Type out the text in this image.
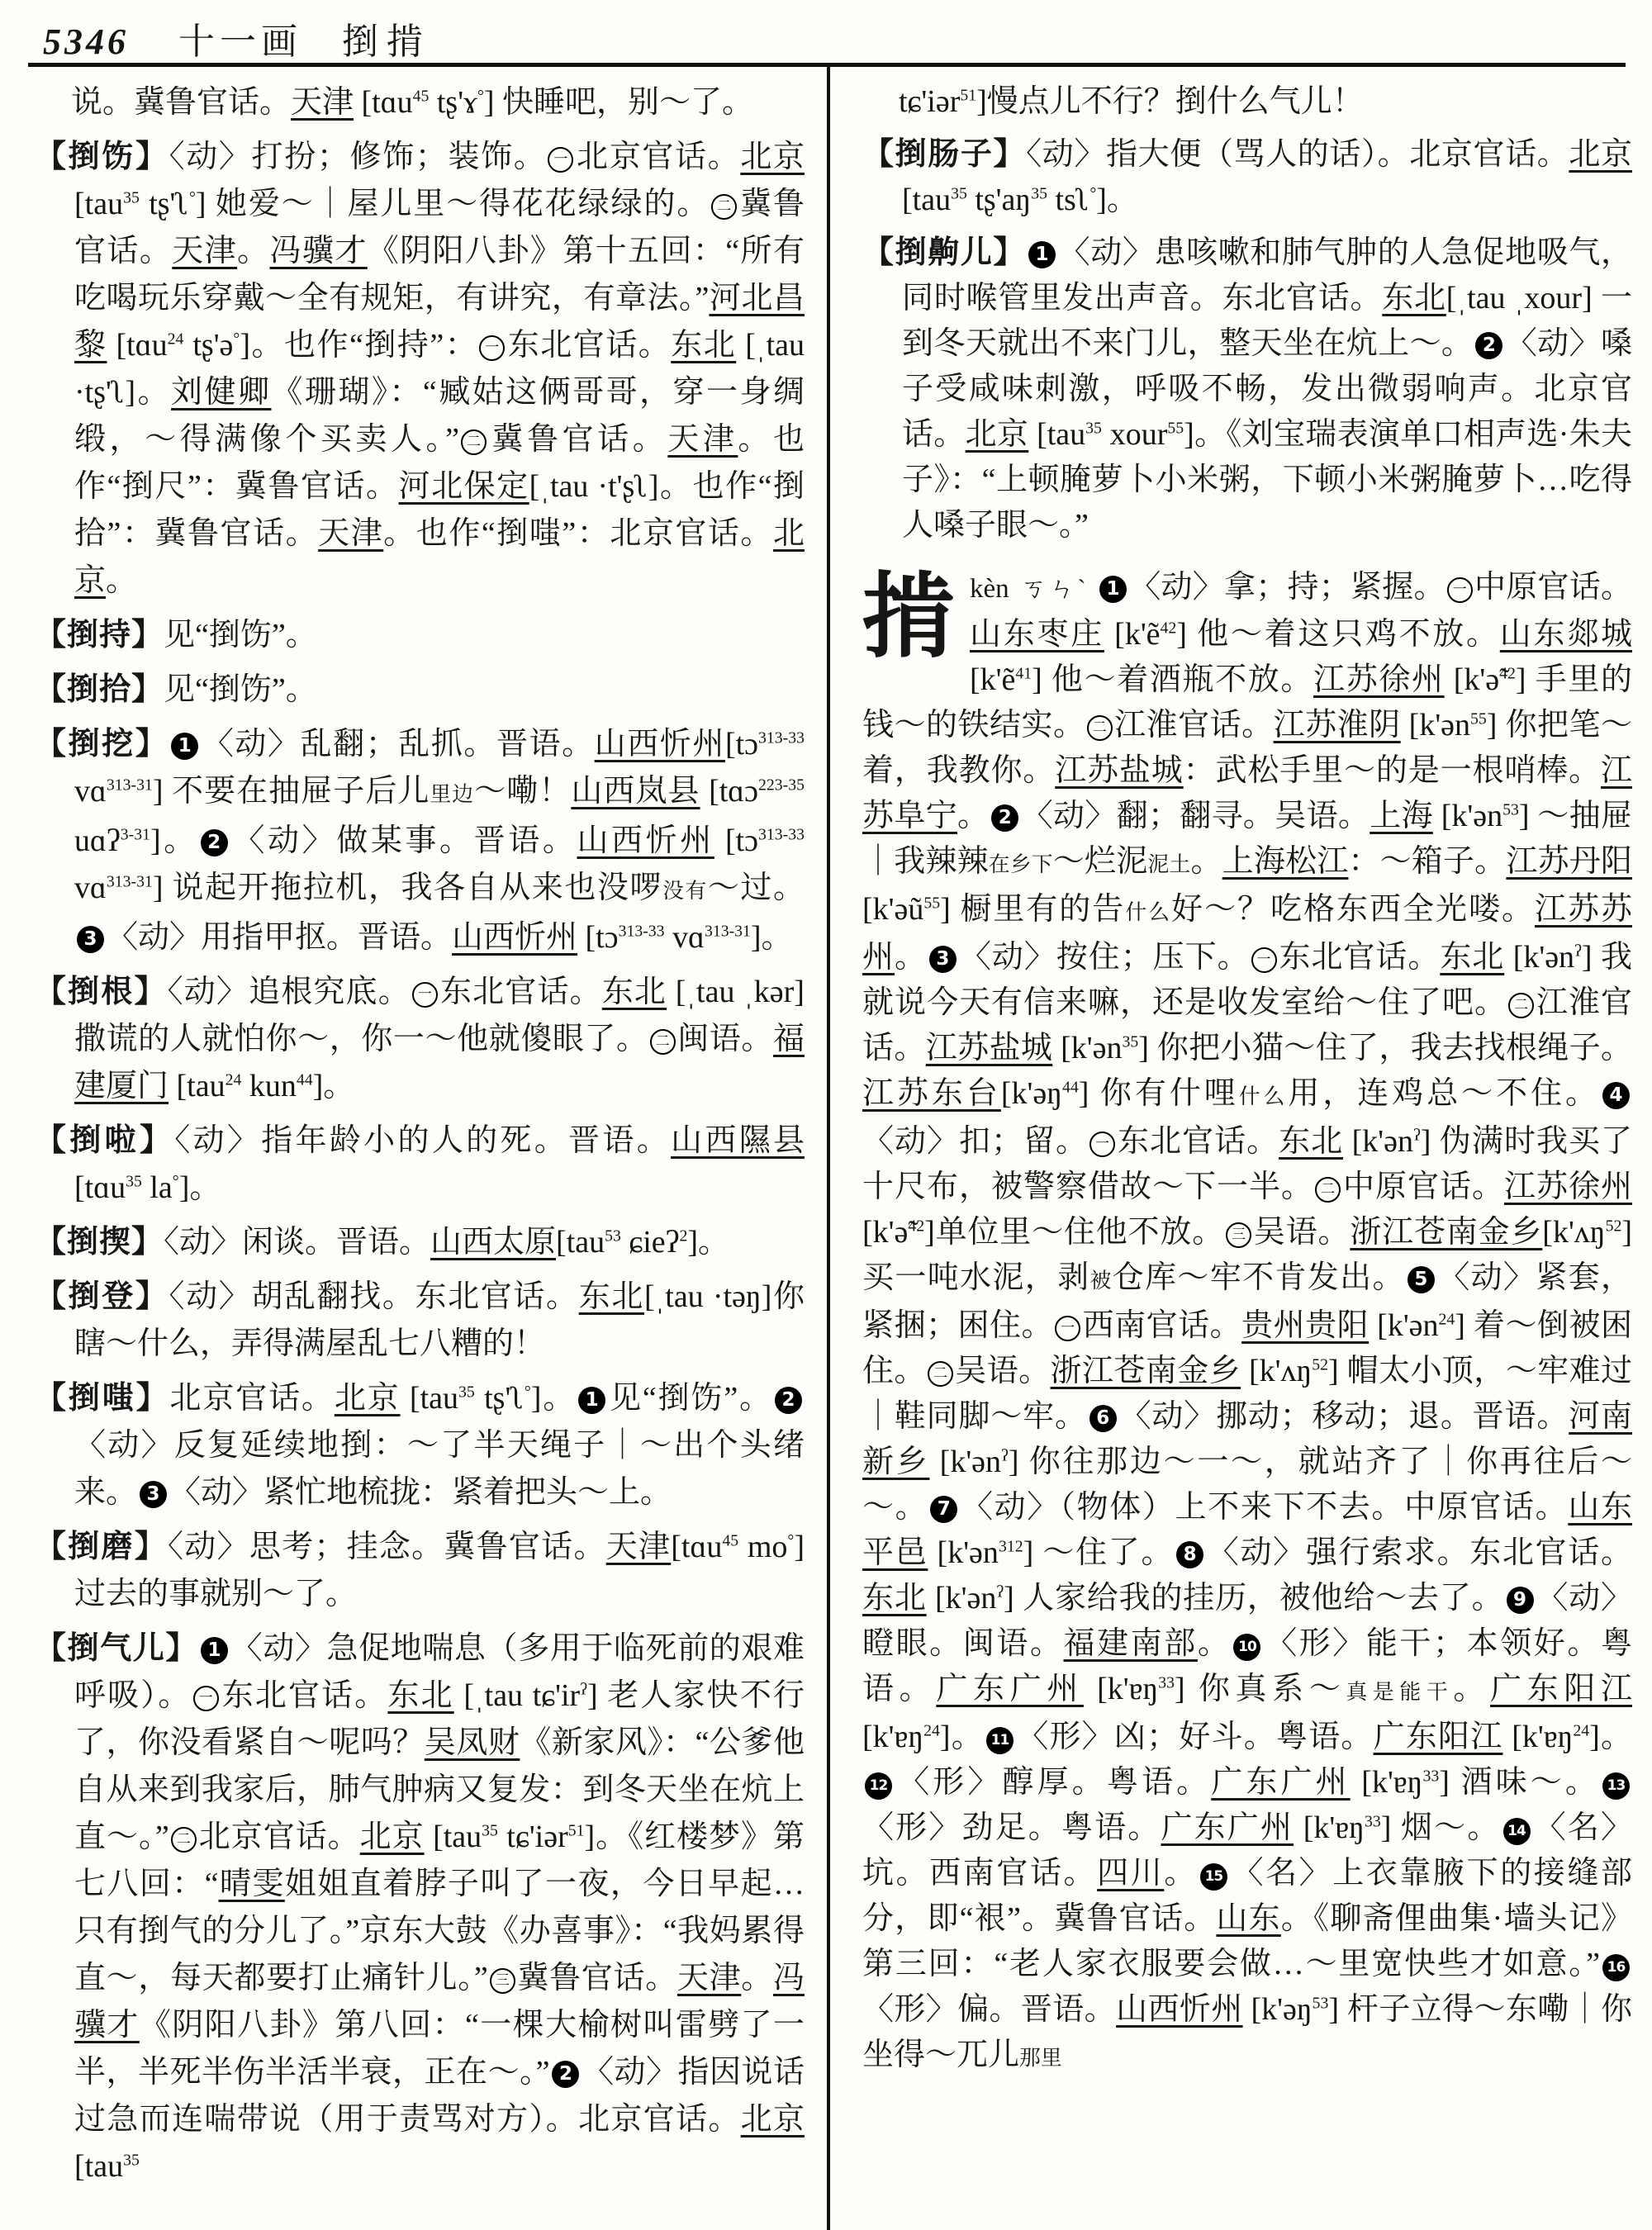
5346 十一画 捯掯

说。冀鲁官话。天津 [tɑu$^{45}$ tʂ'ɤ°] 快睡吧，别～了。

【捯饬】〈动〉打扮；修饰；装饰。 一 北京官话。北京 [tau$^{35}$ tʂ'ʅ°] 她爱～｜屋儿里～得花花绿绿的。 二 冀鲁官话。天津。冯骥才《阴阳八卦》第十五回：“所有吃喝玩乐穿戴～全有规矩，有讲究，有章法。”河北昌黎 [tɑu$^{24}$ tʂ'ə°]。也作“捯持”： 一 东北官话。东北 [ˌtau ·tʂ'ʅ]。刘健卿《珊瑚》：“臧姑这俩哥哥，穿一身绸缎，～得满像个买卖人。” 二 冀鲁官话。天津。也作“捯尺”：冀鲁官话。河北保定[ˌtau ·t'ʂʅ]。也作“捯拾”：冀鲁官话。天津。也作“捯嗤”：北京官话。北京。

【捯持】见“捯饬”。

【捯拾】见“捯饬”。

【捯挖】 1 〈动〉乱翻；乱抓。晋语。山西忻州[tɔ$^{313-33}$ vɑ$^{313-31}$] 不要在抽屉子后儿里边～嘞！山西岚县 [tɑɔ$^{223-35}$ uɑʔ$^{3-31}$]。 2 〈动〉做某事。晋语。山西忻州 [tɔ$^{313-33}$ vɑ$^{313-31}$] 说起开拖拉机，我各自从来也没啰没有～过。3 〈动〉用指甲抠。晋语。山西忻州 [tɔ$^{313-33}$ vɑ$^{313-31}$]。

【捯根】〈动〉追根究底。 一 东北官话。东北 [ˌtau ˌkər] 撒谎的人就怕你～，你一～他就傻眼了。 二 闽语。福建厦门 [tau$^{24}$ kun$^{44}$]。

【捯啦】〈动〉指年龄小的人的死。晋语。山西隰县 [tɑu$^{35}$ la°]。

【捯揳】〈动〉闲谈。晋语。山西太原[tau$^{53}$ ɕieʔ$^2$]。

【捯登】〈动〉胡乱翻找。东北官话。东北[ˌtau ·təŋ]你瞎～什么，弄得满屋乱七八糟的！

【捯嗤】北京官话。北京 [tau$^{35}$ tʂ'ʅ°]。 1 见“捯饬”。 2〈动〉反复延续地捯：～了半天绳子｜～出个头绪来。 3 〈动〉紧忙地梳拢：紧着把头～上。

【捯磨】〈动〉思考；挂念。冀鲁官话。天津[tɑu$^{45}$ mo°] 过去的事就别～了。

【捯气儿】 1 〈动〉急促地喘息（多用于临死前的艰难呼吸）。 一 东北官话。东北 [ˌtau $tɕ'ir^ʔ$] 老人家快不行了，你没看紧自～呢吗？吴凤财《新家风》：“公爹他自从来到我家后，肺气肿病又复发：到冬天坐在炕上直～。” 二 北京官话。北京 [tau$^{35}$ tɕ'iər$^{51}$]。《红楼梦》第七八回：“晴雯姐姐直着脖子叫了一夜，今日早起…只有捯气的分儿了。”京东大鼓《办喜事》：“我妈累得直～，每天都要打止痛针儿。” 三 冀鲁官话。天津。冯骥才《阴阳八卦》第八回：“一棵大榆树叫雷劈了一半，半死半伤半活半衰，正在～。” 2 〈动〉指因说话过急而连喘带说（用于责骂对方）。北京官话。北京[tau$^{35}$

tɕ'iər$^{51}$]慢点儿不行？捯什么气儿！

【捯肠子】〈动〉指大便（骂人的话）。北京官话。北京 [tau$^{35}$ $tʂ'aŋ^{35}$ tsʅ°]。

【捯齁儿】 1 〈动〉患咳嗽和肺气肿的人急促地吸气，同时喉管里发出声音。东北官话。东北[ˌtau ˌxour] 一到冬天就出不来门儿，整天坐在炕上～。 2 〈动〉嗓子受咸味刺激，呼吸不畅，发出微弱响声。北京官话。北京 [tau$^{35}$ xour$^{55}$]。《刘宝瑞表演单口相声选·朱夫子》：“上顿腌萝卜小米粥，下顿小米粥腌萝卜…吃得人嗓子眼～。”

掯kèn ㄎㄣˋ 1 〈动〉拿；持；紧握。 一 中原官话。山东枣庄 [k'ẽ$^{42}$] 他～着这只鸡不放。山东郯城[k'ẽ$^{41}$] 他～着酒瓶不放。江苏徐州 [k'ə̃$^{42}$] 手里的钱～的铁结实。 二 江淮官话。江苏淮阴 [k'ən$^{55}$] 你把笔～着，我教你。江苏盐城：武松手里～的是一根哨棒。江苏阜宁。 2 〈动〉翻；翻寻。吴语。上海 [k'ən$^{53}$] ～抽屉｜我辣辣在乡下～烂泥泥土。上海松江：～箱子。江苏丹阳 [k'əũ$^{55}$] 橱里有的告什么好～？吃格东西全光喽。江苏苏州。 3 〈动〉按住；压下。 一 东北官话。东北 [k'ən$^ʔ$] 我就说今天有信来嘛，还是收发室给～住了吧。 二 江淮官话。江苏盐城 [k'ən$^{35}$] 你把小猫～住了，我去找根绳子。江苏东台[k'əŋ$^{44}$] 你有什哩什么用，连鸡总～不住。 4〈动〉扣；留。 一 东北官话。东北 [k'ən$^ʔ$] 伪满时我买了十尺布，被警察借故～下一半。 二 中原官话。江苏徐州 [k'ə̃$^{42}$]单位里～住他不放。 三 吴语。浙江苍南金乡[k'ʌŋ$^{52}$]买一吨水泥，剥被仓库～牢不肯发出。 5 〈动〉紧套，紧捆；困住。 一 西南官话。贵州贵阳 [k'ən$^{24}$] 着～倒被困住。 二 吴语。浙江苍南金乡 [k'ʌŋ$^{52}$] 帽太小顶，～牢难过｜鞋同脚～牢。 6 〈动〉挪动；移动；退。晋语。河南新乡 [k'ən$^ʔ$] 你往那边～一～，就站齐了｜你再往后～～。 7 〈动〉（物体）上不来下不去。中原官话。山东平邑 [k'ən$^{312}$] ～住了。 8 〈动〉强行索求。东北官话。东北 [k'ən$^ʔ$] 人家给我的挂历，被他给～去了。 9 〈动〉瞪眼。闽语。福建南部。 10 〈形〉能干；本领好。粤语。广东广州 [k'ɐŋ$^{33}$] 你真系～真是能干。广东阳江 [k'ɐŋ$^{24}$]。 11 〈形〉凶；好斗。粤语。广东阳江 [k'ɐŋ$^{24}$]。12 〈形〉醇厚。粤语。广东广州 [k'ɐŋ$^{33}$] 酒味～。 13〈形〉劲足。粤语。广东广州 [k'ɐŋ$^{33}$] 烟～。 14 〈名〉坑。西南官话。四川。 15 〈名〉上衣靠腋下的接缝部分，即“裉”。冀鲁官话。山东。《聊斋俚曲集·墙头记》第三回：“老人家衣服要会做…～里宽快些才如意。” 16〈形〉偏。晋语。山西忻州 [k'əŋ$^{53}$] 杆子立得～东嘞｜你坐得～兀儿那里
